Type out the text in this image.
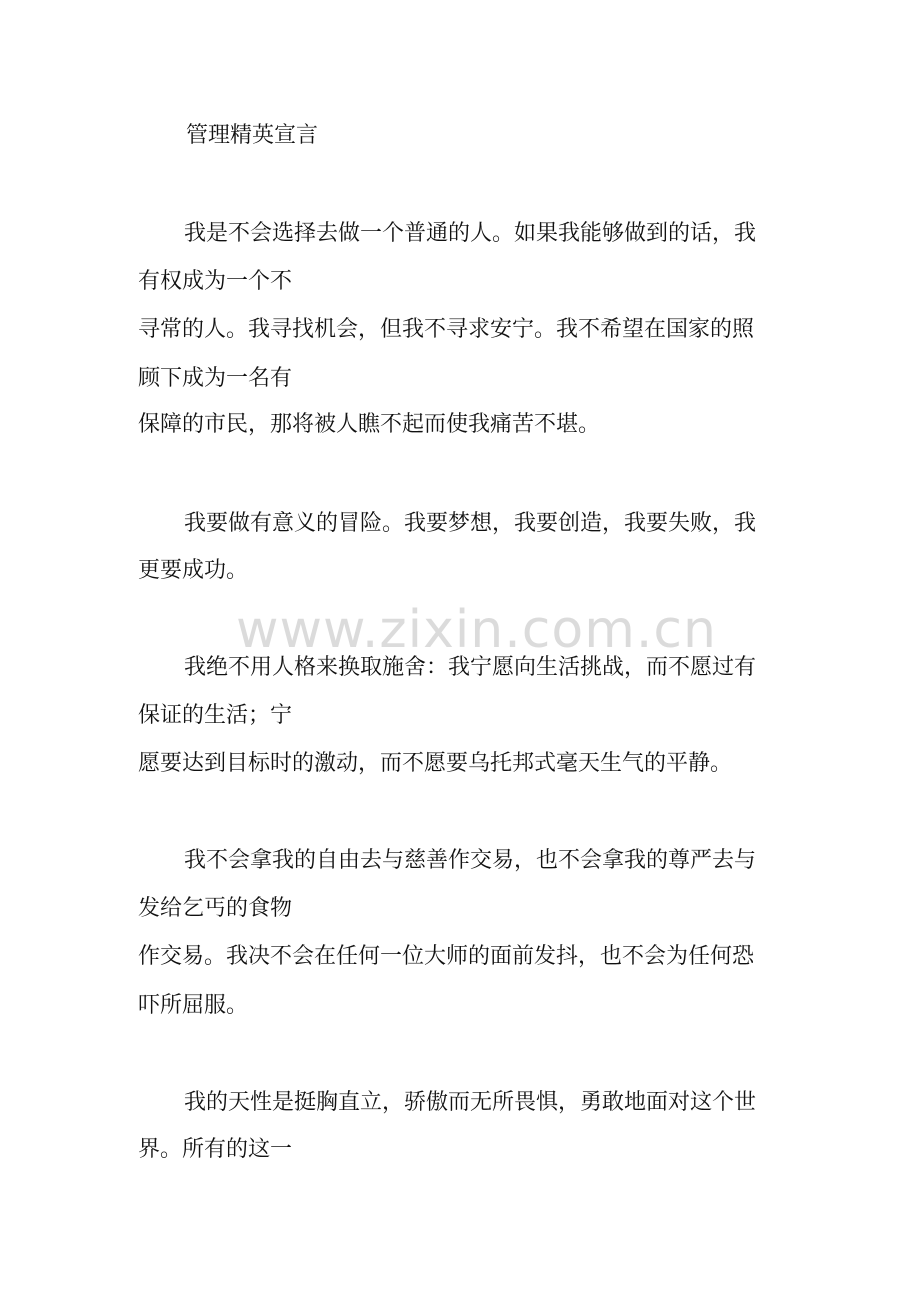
管理精英宣言
我是不会选择去做一个普通的人。如果我能够做到的话，我
有权成为一个不
寻常的人。我寻找机会，但我不寻求安宁。我不希望在国家的照
顾下成为一名有
保障的市民，那将被人瞧不起而使我痛苦不堪。
我要做有意义的冒险。我要梦想，我要创造，我要失败，我
更要成功。
我绝不用人格来换取施舍：我宁愿向生活挑战，而不愿过有
保证的生活；宁
愿要达到目标时的激动，而不愿要乌托邦式毫天生气的平静。
我不会拿我的自由去与慈善作交易，也不会拿我的尊严去与
发给乞丐的食物
作交易。我决不会在任何一位大师的面前发抖，也不会为任何恐
吓所屈服。
我的天性是挺胸直立，骄傲而无所畏惧，勇敢地面对这个世
界。所有的这一
www.zixin.com.cn
